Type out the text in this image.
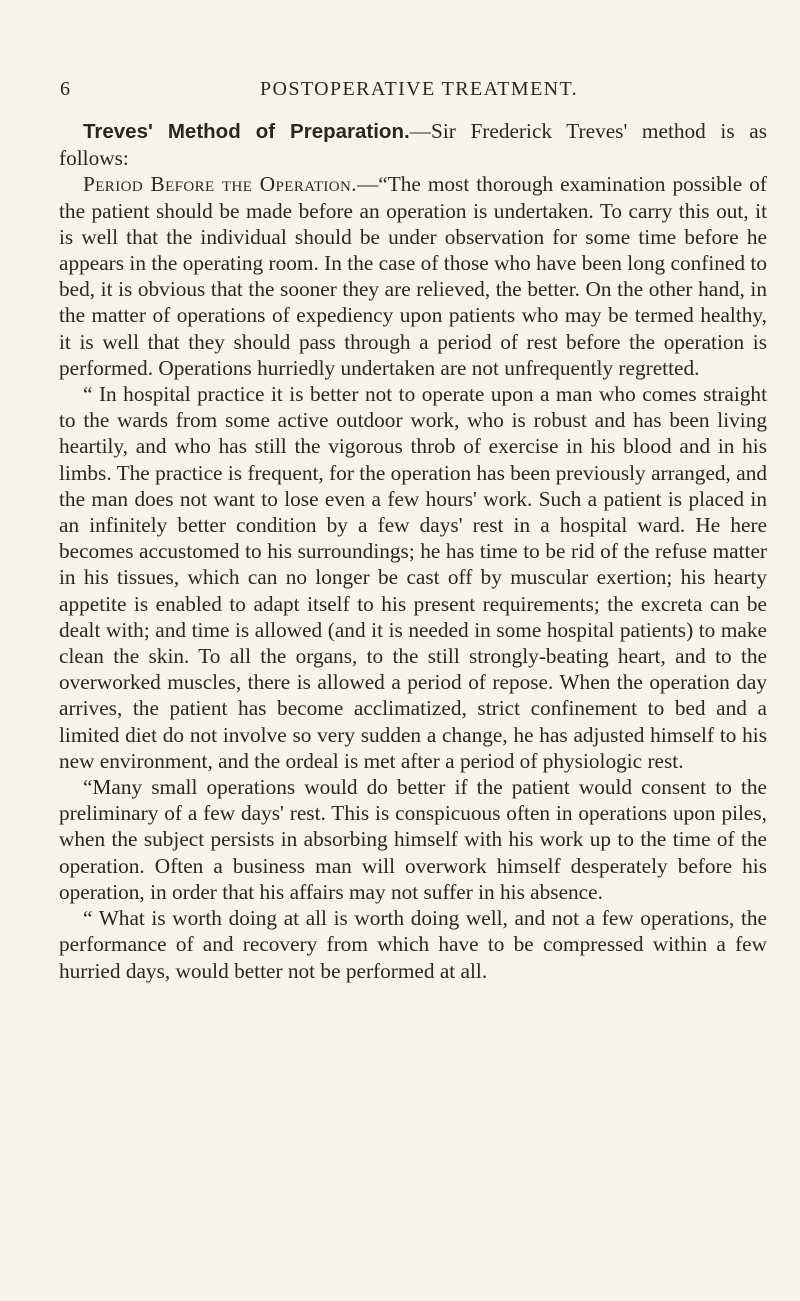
6	POSTOPERATIVE TREATMENT.

Treves' Method of Preparation.—Sir Frederick Treves' method is as follows:

Period Before the Operation.—“The most thorough examination possible of the patient should be made before an operation is undertaken. To carry this out, it is well that the individual should be under observation for some time before he appears in the operating room. In the case of those who have been long confined to bed, it is obvious that the sooner they are relieved, the better. On the other hand, in the matter of operations of expediency upon patients who may be termed healthy, it is well that they should pass through a period of rest before the operation is performed. Operations hurriedly undertaken are not unfrequently regretted.

“ In hospital practice it is better not to operate upon a man who comes straight to the wards from some active outdoor work, who is robust and has been living heartily, and who has still the vigorous throb of exercise in his blood and in his limbs. The practice is frequent, for the operation has been previously arranged, and the man does not want to lose even a few hours' work. Such a patient is placed in an infinitely better condition by a few days' rest in a hospital ward. He here becomes accustomed to his surroundings; he has time to be rid of the refuse matter in his tissues, which can no longer be cast off by muscular exertion; his hearty appetite is enabled to adapt itself to his present requirements; the excreta can be dealt with; and time is allowed (and it is needed in some hospital patients) to make clean the skin. To all the organs, to the still strongly-beating heart, and to the overworked muscles, there is allowed a period of repose. When the operation day arrives, the patient has become acclimatized, strict confinement to bed and a limited diet do not involve so very sudden a change, he has adjusted himself to his new environment, and the ordeal is met after a period of physiologic rest.

“Many small operations would do better if the patient would consent to the preliminary of a few days' rest. This is conspicuous often in operations upon piles, when the subject persists in absorbing himself with his work up to the time of the operation. Often a business man will overwork himself desperately before his operation, in order that his affairs may not suffer in his absence.

“ What is worth doing at all is worth doing well, and not a few operations, the performance of and recovery from which have to be compressed within a few hurried days, would better not be performed at all.
